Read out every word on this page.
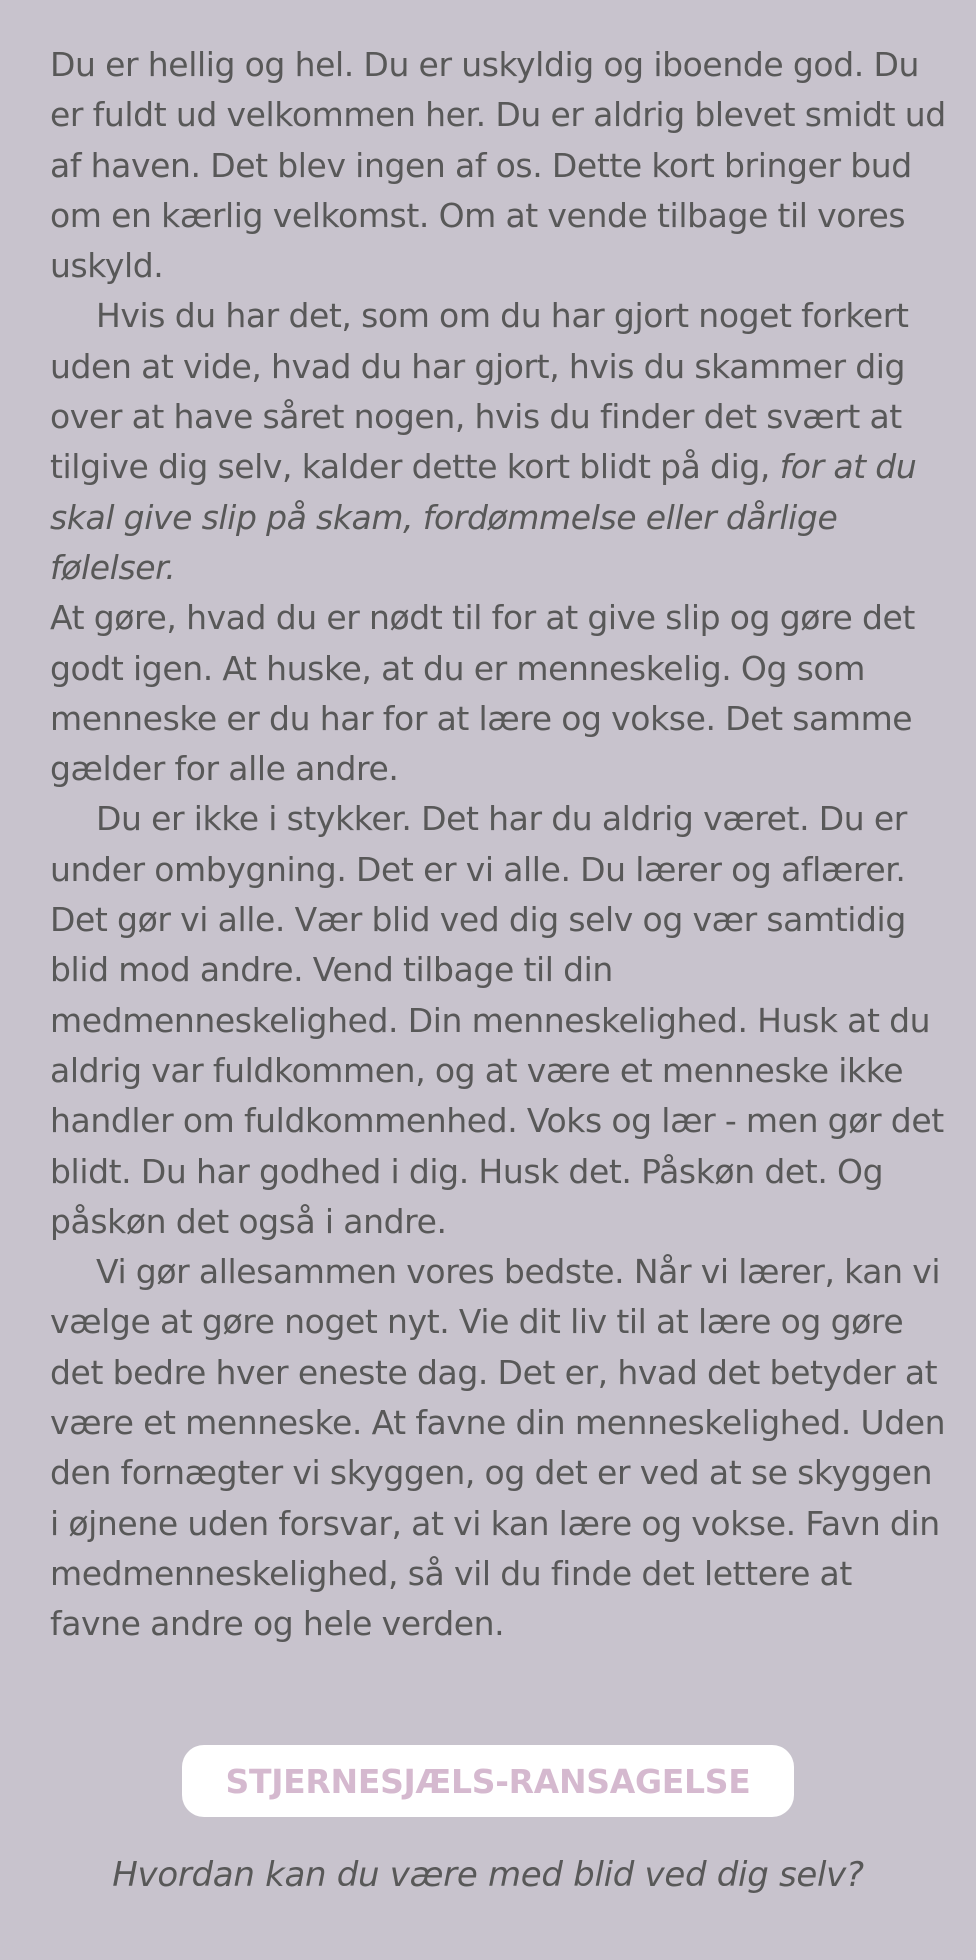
Du er hellig og hel. Du er uskyldig og iboende god. Du er fuldt ud velkommen her. Du er aldrig blevet smidt ud af haven. Det blev ingen af os. Dette kort bringer bud om en kærlig velkomst. Om at vende tilbage til vores uskyld.

Hvis du har det, som om du har gjort noget forkert uden at vide, hvad du har gjort, hvis du skammer dig over at have såret nogen, hvis du finder det svært at tilgive dig selv, kalder dette kort blidt på dig, for at du skal give slip på skam, fordømmelse eller dårlige følelser.

At gøre, hvad du er nødt til for at give slip og gøre det godt igen. At huske, at du er menneskelig. Og som menneske er du har for at lære og vokse. Det samme gælder for alle andre.

Du er ikke i stykker. Det har du aldrig været. Du er under ombygning. Det er vi alle. Du lærer og aflærer. Det gør vi alle. Vær blid ved dig selv og vær samtidig blid mod andre. Vend tilbage til din medmenneskelighed. Din menneskelighed. Husk at du aldrig var fuldkommen, og at være et menneske ikke handler om fuldkommenhed. Voks og lær - men gør det blidt. Du har godhed i dig. Husk det. Påskøn det. Og påskøn det også i andre.

Vi gør allesammen vores bedste. Når vi lærer, kan vi vælge at gøre noget nyt. Vie dit liv til at lære og gøre det bedre hver eneste dag. Det er, hvad det betyder at være et menneske. At favne din menneskelighed. Uden den fornægter vi skyggen, og det er ved at se skyggen i øjnene uden forsvar, at vi kan lære og vokse. Favn din medmenneskelighed, så vil du finde det lettere at favne andre og hele verden.

STJERNESJÆLS-RANSAGELSE

Hvordan kan du være med blid ved dig selv?
